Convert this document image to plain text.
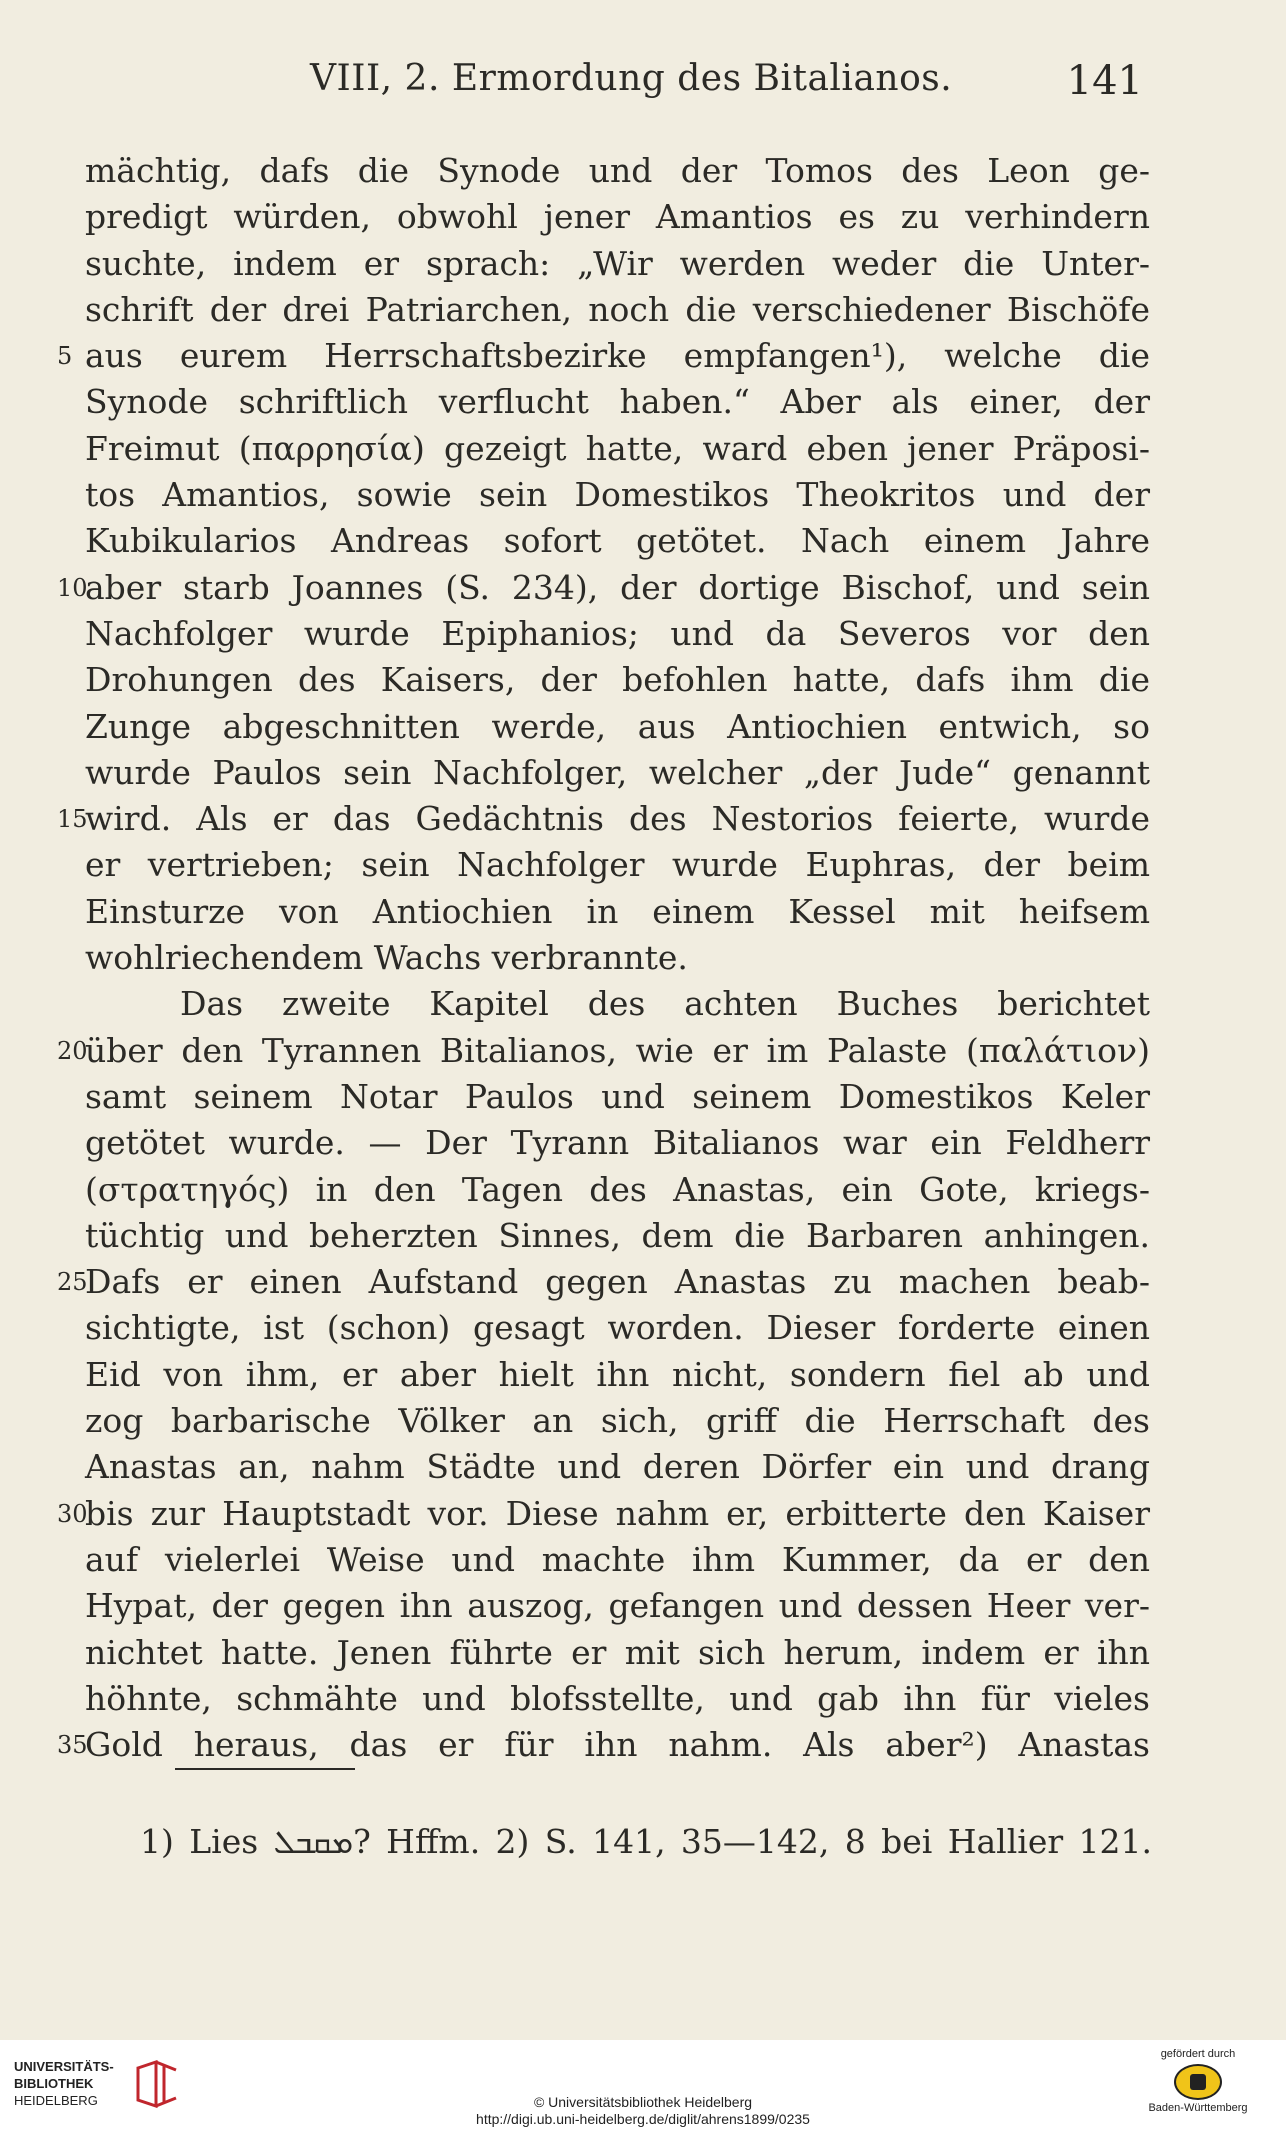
VIII, 2. Ermordung des Bitalianos.	141
mächtig, dafs die Synode und der Tomos des Leon ge-
predigt würden, obwohl jener Amantios es zu verhindern
suchte, indem er sprach: „Wir werden weder die Unter-
schrift der drei Patriarchen, noch die verschiedener Bischöfe
5 aus eurem Herrschaftsbezirke empfangen¹), welche die
Synode schriftlich verflucht haben.“ Aber als einer, der
Freimut (παρρησία) gezeigt hatte, ward eben jener Präposi-
tos Amantios, sowie sein Domestikos Theokritos und der
Kubikularios Andreas sofort getötet. Nach einem Jahre
10
aber starb Joannes (S. 234), der dortige Bischof, und sein
Nachfolger wurde Epiphanios; und da Severos vor den
Drohungen des Kaisers, der befohlen hatte, dafs ihm die
Zunge abgeschnitten werde, aus Antiochien entwich, so
wurde Paulos sein Nachfolger, welcher „der Jude“ genannt
15
wird. Als er das Gedächtnis des Nestorios feierte, wurde
er vertrieben; sein Nachfolger wurde Euphras, der beim
Einsturze von Antiochien in einem Kessel mit heifsem
wohlriechendem Wachs verbrannte.
Das zweite Kapitel des achten Buches berichtet
20
über den Tyrannen Bitalianos, wie er im Palaste (παλάτιον)
samt seinem Notar Paulos und seinem Domestikos Keler
getötet wurde. — Der Tyrann Bitalianos war ein Feldherr
(στρατηγός) in den Tagen des Anastas, ein Gote, kriegs-
tüchtig und beherzten Sinnes, dem die Barbaren anhingen.
25
Dafs er einen Aufstand gegen Anastas zu machen beab-
sichtigte, ist (schon) gesagt worden. Dieser forderte einen
Eid von ihm, er aber hielt ihn nicht, sondern fiel ab und
zog barbarische Völker an sich, griff die Herrschaft des
Anastas an, nahm Städte und deren Dörfer ein und drang
30
bis zur Hauptstadt vor. Diese nahm er, erbitterte den Kaiser
auf vielerlei Weise und machte ihm Kummer, da er den
Hypat, der gegen ihn auszog, gefangen und dessen Heer ver-
nichtet hatte. Jenen führte er mit sich herum, indem er ihn
höhnte, schmähte und blofsstellte, und gab ihn für vieles
35
Gold heraus, das er für ihn nahm. Als aber²) Anastas
1) Lies ܡܩܒܠ? Hffm. 2) S. 141, 35—142, 8 bei Hallier 121.
UNIVERSITÄTS-
BIBLIOTHEK
HEIDELBERG	© Universitätsbibliothek Heidelberg
http://digi.ub.uni-heidelberg.de/diglit/ahrens1899/0235
gefördert durch
Baden-Württemberg
